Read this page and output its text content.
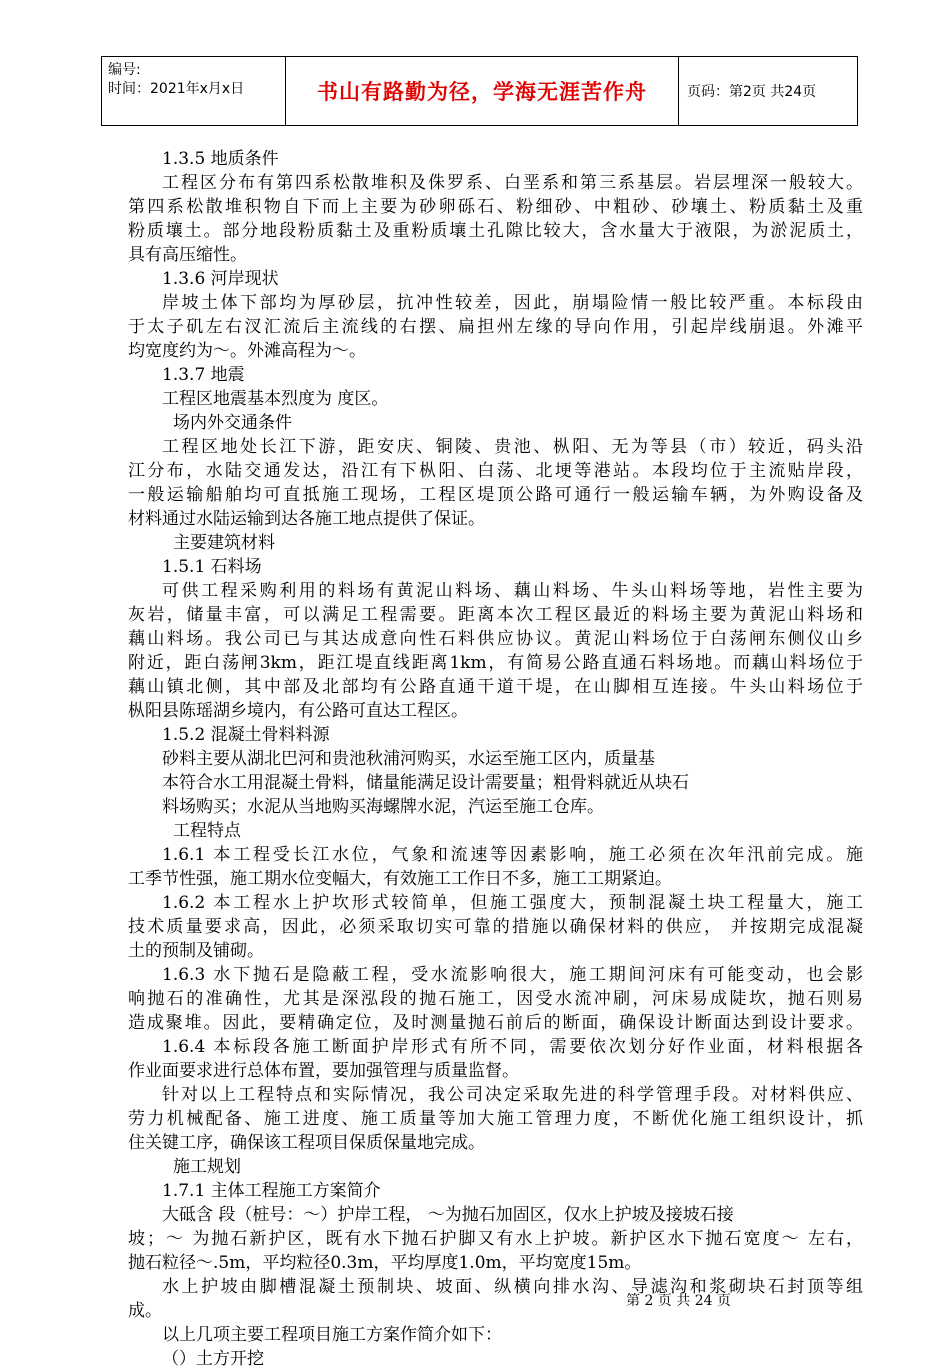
编号:
时间：2021年x月x日	书山有路勤为径，学海无涯苦作舟	页码：第2页 共24页
1.3.5 地质条件
工程区分布有第四系松散堆积及侏罗系、白垩系和第三系基层。岩层埋深一般较大。
第四系松散堆积物自下而上主要为砂卵砾石、粉细砂、中粗砂、砂壤土、粉质黏土及重
粉质壤土。部分地段粉质黏土及重粉质壤土孔隙比较大，含水量大于液限，为淤泥质土，
具有高压缩性。
1.3.6 河岸现状
岸坡土体下部均为厚砂层，抗冲性较差，因此，崩塌险情一般比较严重。本标段由
于太子矶左右汊汇流后主流线的右摆、扁担州左缘的导向作用，引起岸线崩退。外滩平
均宽度约为～。外滩高程为～。
1.3.7 地震
工程区地震基本烈度为 度区。
场内外交通条件
工程区地处长江下游，距安庆、铜陵、贵池、枞阳、无为等县（市）较近，码头沿
江分布，水陆交通发达，沿江有下枞阳、白荡、北埂等港站。本段均位于主流贴岸段，
一般运输船舶均可直抵施工现场，工程区堤顶公路可通行一般运输车辆，为外购设备及
材料通过水陆运输到达各施工地点提供了保证。
主要建筑材料
1.5.1 石料场
可供工程采购利用的料场有黄泥山料场、藕山料场、牛头山料场等地，岩性主要为
灰岩，储量丰富，可以满足工程需要。距离本次工程区最近的料场主要为黄泥山料场和
藕山料场。我公司已与其达成意向性石料供应协议。黄泥山料场位于白荡闸东侧仪山乡
附近，距白荡闸3km，距江堤直线距离1km，有简易公路直通石料场地。而藕山料场位于
藕山镇北侧，其中部及北部均有公路直通干道干堤，在山脚相互连接。牛头山料场位于
枞阳县陈瑶湖乡境内，有公路可直达工程区。
1.5.2 混凝土骨料料源
砂料主要从湖北巴河和贵池秋浦河购买，水运至施工区内，质量基
本符合水工用混凝土骨料，储量能满足设计需要量；粗骨料就近从块石
料场购买；水泥从当地购买海螺牌水泥，汽运至施工仓库。
工程特点
1.6.1 本工程受长江水位，气象和流速等因素影响，施工必须在次年汛前完成。施
工季节性强，施工期水位变幅大，有效施工工作日不多，施工工期紧迫。
1.6.2 本工程水上护坎形式较简单，但施工强度大，预制混凝土块工程量大，施工
技术质量要求高，因此，必须采取切实可靠的措施以确保材料的供应， 并按期完成混凝
土的预制及铺砌。
1.6.3 水下抛石是隐蔽工程，受水流影响很大，施工期间河床有可能变动，也会影
响抛石的准确性，尤其是深泓段的抛石施工，因受水流冲刷，河床易成陡坎，抛石则易
造成聚堆。因此，要精确定位，及时测量抛石前后的断面，确保设计断面达到设计要求。
1.6.4 本标段各施工断面护岸形式有所不同，需要依次划分好作业面，材料根据各
作业面要求进行总体布置，要加强管理与质量监督。
针对以上工程特点和实际情况，我公司决定采取先进的科学管理手段。对材料供应、
劳力机械配备、施工进度、施工质量等加大施工管理力度，不断优化施工组织设计，抓
住关键工序，确保该工程项目保质保量地完成。
施工规划
1.7.1 主体工程施工方案简介
大砥含 段（桩号：～）护岸工程， ～为抛石加固区，仅水上护坡及接坡石接
坡；～ 为抛石新护区，既有水下抛石护脚又有水上护坡。新护区水下抛石宽度～ 左右，
抛石粒径～.5m，平均粒径0.3m，平均厚度1.0m，平均宽度15m。
水上护坡由脚槽混凝土预制块、坡面、纵横向排水沟、导滤沟和浆砌块石封顶等组
成。
以上几项主要工程项目施工方案作简介如下：
（）土方开挖
第 2 页 共 24 页
